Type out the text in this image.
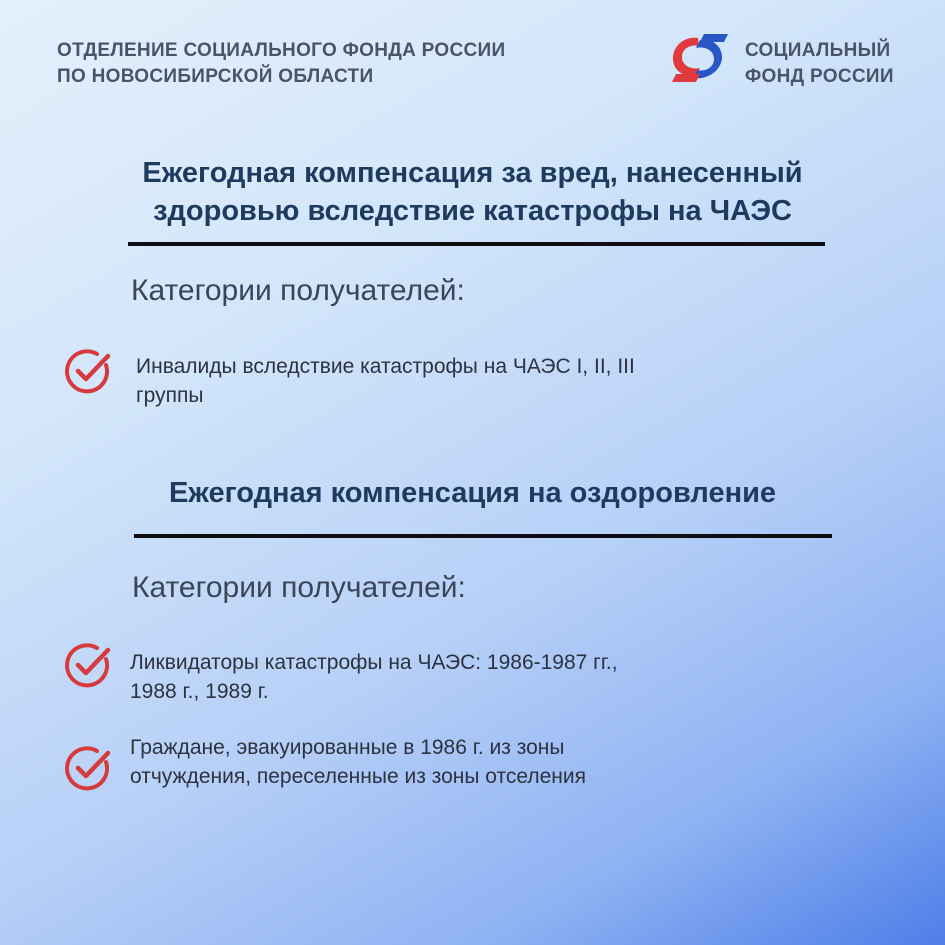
ОТДЕЛЕНИЕ СОЦИАЛЬНОГО ФОНДА РОССИИ
ПО НОВОСИБИРСКОЙ ОБЛАСТИ
СОЦИАЛЬНЫЙ
ФОНД РОССИИ
Ежегодная компенсация за вред, нанесенный
здоровью вследствие катастрофы на ЧАЭС
Категории получателей:
Инвалиды вследствие катастрофы на ЧАЭС I, II, III
группы
Ежегодная компенсация на оздоровление
Категории получателей:
Ликвидаторы катастрофы на ЧАЭС: 1986-1987 гг.,
1988 г., 1989 г.
Граждане, эвакуированные в 1986 г. из зоны
отчуждения, переселенные из зоны отселения
